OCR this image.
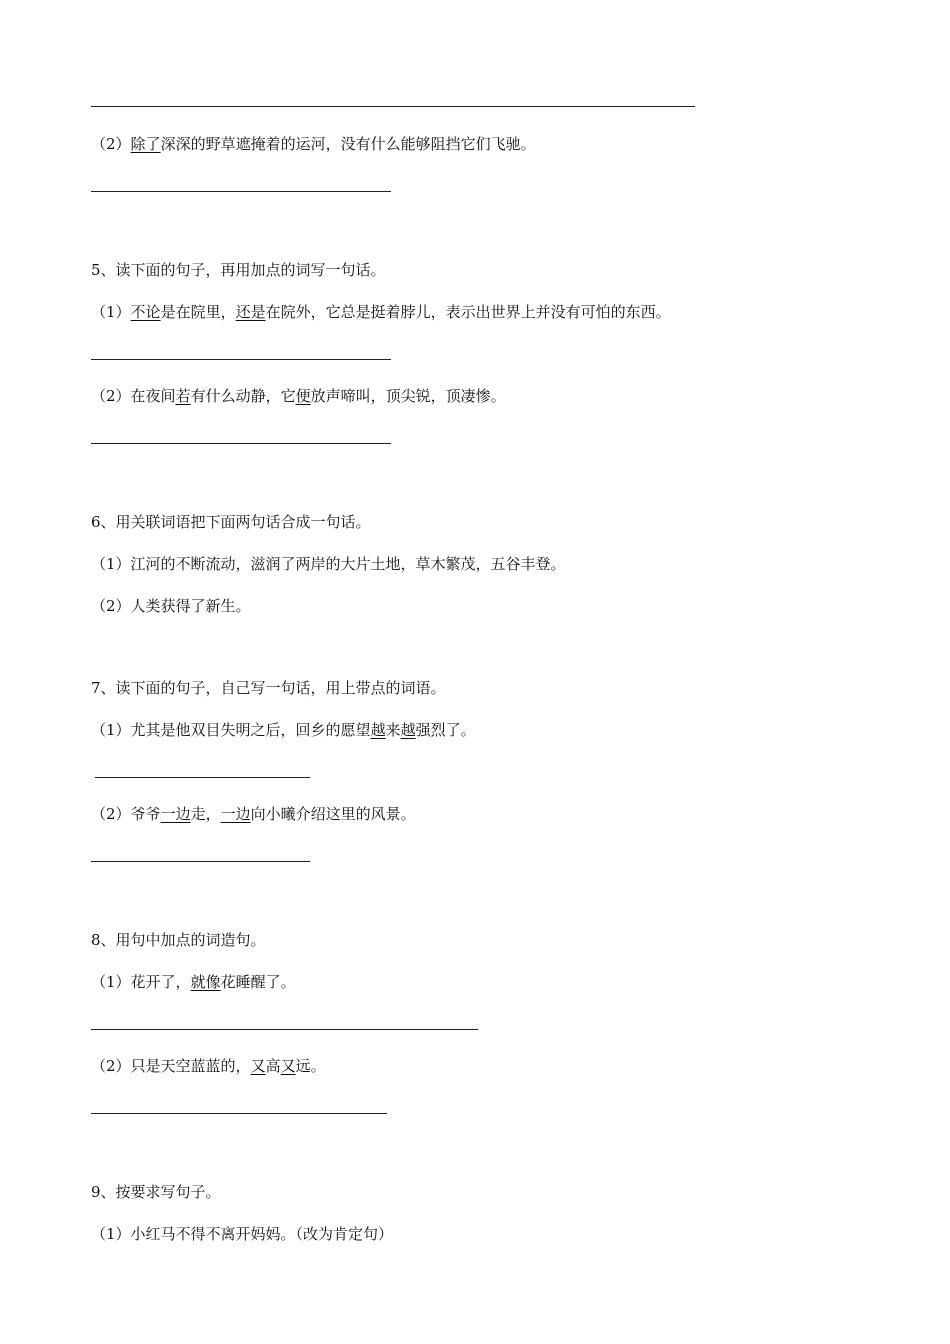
（2）除了深深的野草遮掩着的运河，没有什么能够阻挡它们飞驰。
5、读下面的句子，再用加点的词写一句话。
（1）不论是在院里，还是在院外，它总是挺着脖儿，表示出世界上并没有可怕的东西。
（2）在夜间若有什么动静，它便放声啼叫，顶尖锐，顶凄惨。
6、用关联词语把下面两句话合成一句话。
（1）江河的不断流动，滋润了两岸的大片土地，草木繁茂，五谷丰登。
（2）人类获得了新生。
7、读下面的句子，自己写一句话，用上带点的词语。
（1）尤其是他双目失明之后，回乡的愿望越来越强烈了。
（2）爷爷一边走，一边向小曦介绍这里的风景。
8、用句中加点的词造句。
（1）花开了，就像花睡醒了。
（2）只是天空蓝蓝的，又高又远。
9、按要求写句子。
（1）小红马不得不离开妈妈。（改为肯定句）
